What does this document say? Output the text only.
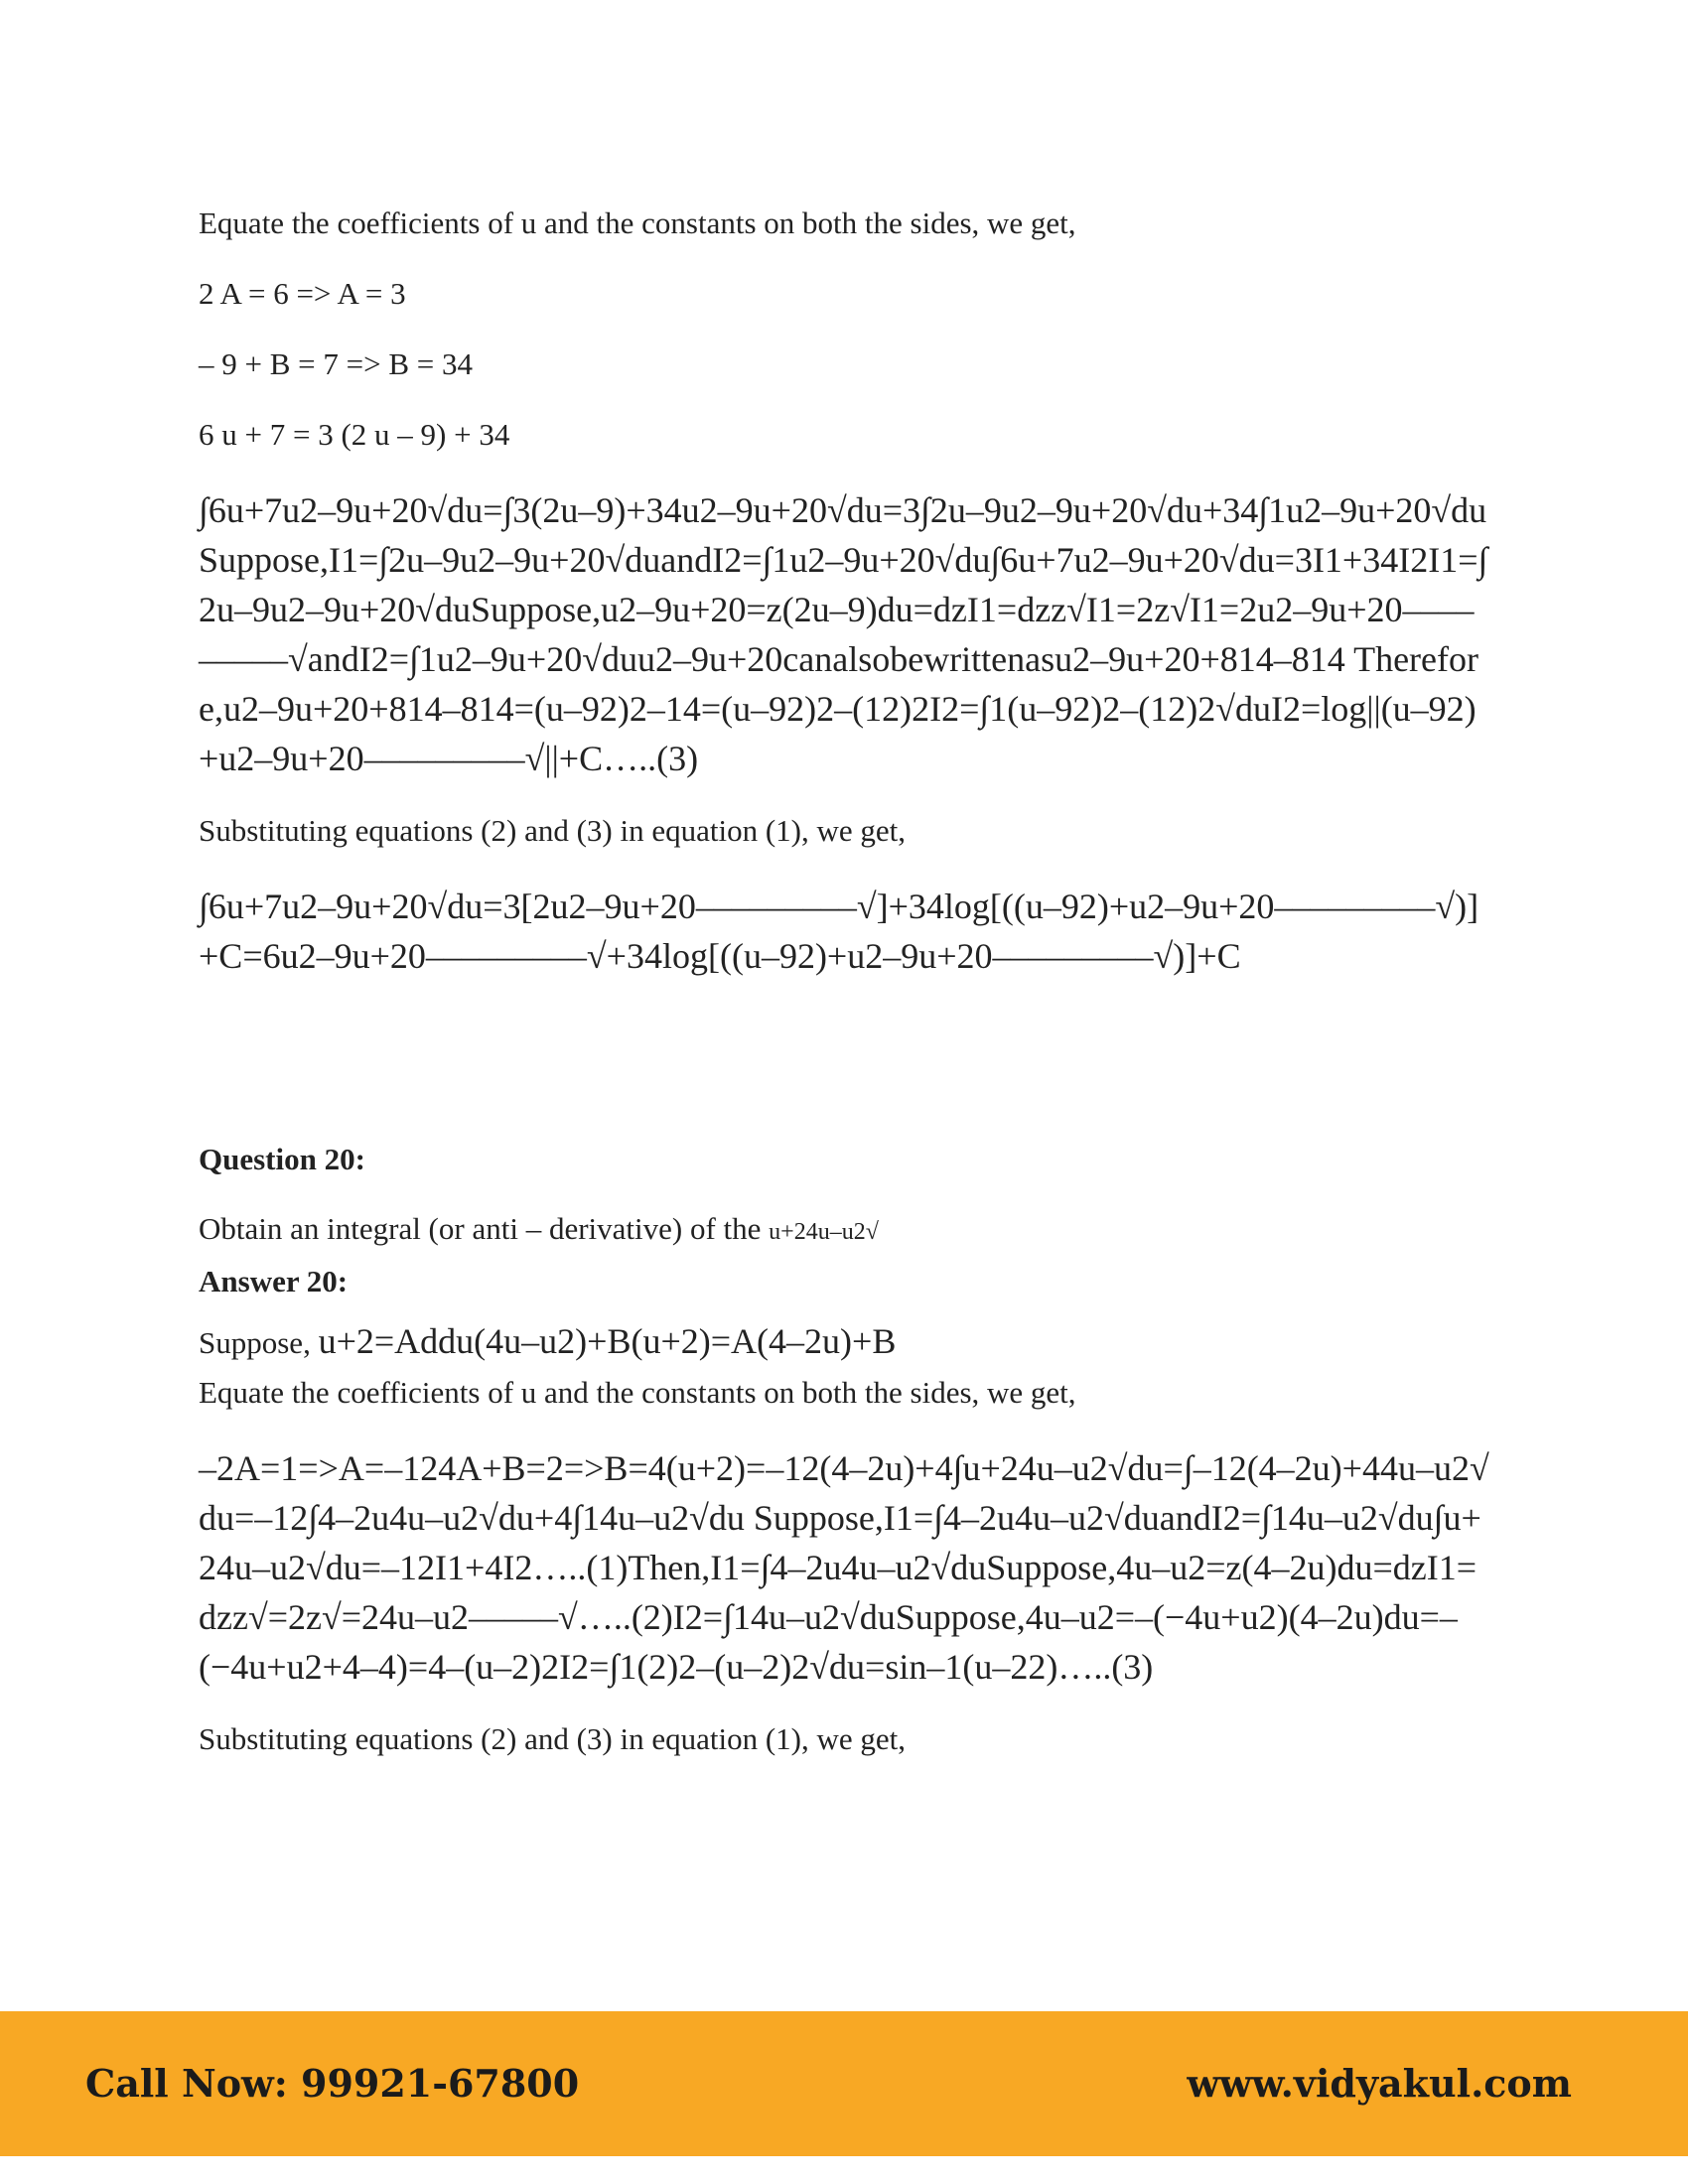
Equate the coefficients of u and the constants on both the sides, we get,

2 A = 6 => A = 3

– 9 + B = 7 => B = 34

6 u + 7 = 3 (2 u – 9) + 34

∫6u+7u2–9u+20√du=∫3(2u–9)+34u2–9u+20√du=3∫2u–9u2–9u+20√du+34∫1u2–9u+20√du Suppose,I1=∫2u–9u2–9u+20√duandI2=∫1u2–9u+20√du∫6u+7u2–9u+20√du=3I1+34I2I1=∫2u–9u2–9u+20√duSuppose,u2–9u+20=z(2u–9)du=dzI1=dzz√I1=2z√I1=2u2–9u+20–––––––––√andI2=∫1u2–9u+20√duu2–9u+20canalsobewrittenasu2–9u+20+814–814 Therefore,u2–9u+20+814–814=(u–92)2–14=(u–92)2–(12)2I2=∫1(u–92)2–(12)2√duI2=log||(u–92)+u2–9u+20–––––––––√||+C…..(3)

Substituting equations (2) and (3) in equation (1), we get,

∫6u+7u2–9u+20√du=3[2u2–9u+20–––––––––√]+34log[((u–92)+u2–9u+20–––––––––√)]+C=6u2–9u+20–––––––––√+34log[((u–92)+u2–9u+20–––––––––√)]+C
Question 20:

Obtain an integral (or anti – derivative) of the u+24u–u2√

Answer 20:

Suppose, u+2=Addu(4u–u2)+B(u+2)=A(4–2u)+B

Equate the coefficients of u and the constants on both the sides, we get,

–2A=1=>A=–124A+B=2=>B=4(u+2)=–12(4–2u)+4∫u+24u–u2√du=∫–12(4–2u)+44u–u2√du=–12∫4–2u4u–u2√du+4∫14u–u2√du Suppose,I1=∫4–2u4u–u2√duandI2=∫14u–u2√du∫u+24u–u2√du=–12I1+4I2…..(1)Then,I1=∫4–2u4u–u2√duSuppose,4u–u2=z(4–2u)du=dzI1=dzz√=2z√=24u–u2–––––√…..(2)I2=∫14u–u2√duSuppose,4u–u2=–(−4u+u2)(4–2u)du=–(−4u+u2+4–4)=4–(u–2)2I2=∫1(2)2–(u–2)2√du=sin–1(u–22)…..(3)

Substituting equations (2) and (3) in equation (1), we get,

Call Now: 99921-67800	www.vidyakul.com
